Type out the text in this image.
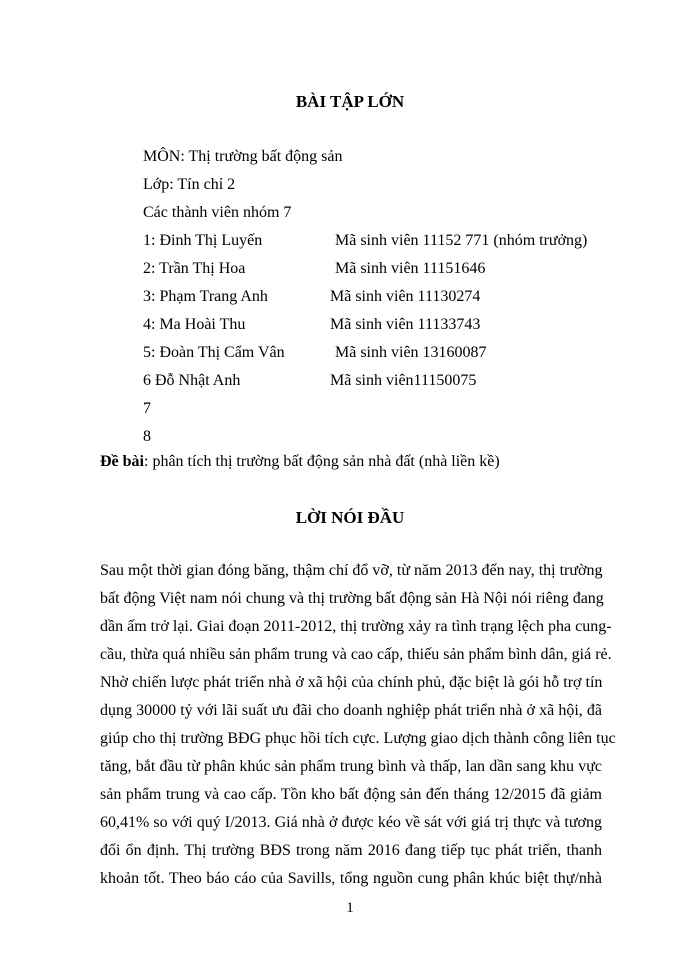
BÀI TẬP LỚN
MÔN: Thị trường bất động sản
Lớp: Tín chỉ 2
Các thành viên nhóm 7
1: Đinh Thị Luyến	Mã sinh viên 11152 771 (nhóm trưởng)
2: Trần Thị Hoa	Mã sinh viên 11151646
3: Phạm Trang Anh	Mã sinh viên 11130274
4: Ma Hoài Thu	Mã sinh viên 11133743
5: Đoàn Thị Cẩm Vân	Mã sinh viên 13160087
6 Đỗ Nhật Anh	Mã sinh viên11150075
7
8
Đề bài: phân tích thị trường bất động sản nhà đất (nhà liền kề)
LỜI NÓI ĐẦU
Sau một thời gian đóng băng, thậm chí đổ vỡ, từ năm 2013 đến nay, thị trường
bất động Việt nam nói chung và thị trường bất động sản Hà Nội nói riêng đang
dần ấm trở lại. Giai đoạn 2011-2012, thị trường xảy ra tình trạng lệch pha cung-
cầu, thừa quá nhiều sản phẩm trung và cao cấp, thiếu sản phẩm bình dân, giá rẻ.
Nhờ chiến lược phát triển nhà ở xã hội của chính phủ, đặc biệt là gói hỗ trợ tín
dụng 30000 tỷ với lãi suất ưu đãi cho doanh nghiệp phát triển nhà ở xã hội, đã
giúp cho thị trường BĐG phục hồi tích cực. Lượng giao dịch thành công liên tục
tăng, bắt đầu từ phân khúc sản phẩm trung bình và thấp, lan dần sang khu vực
sản phẩm trung và cao cấp. Tồn kho bất động sản đến tháng 12/2015 đã giảm
60,41% so với quý I/2013. Giá nhà ở được kéo về sát với giá trị thực và tương
đối ổn định. Thị trường BĐS trong năm 2016 đang tiếp tục phát triển, thanh
khoản tốt. Theo báo cáo của Savills, tổng nguồn cung phân khúc biệt thự/nhà
1
